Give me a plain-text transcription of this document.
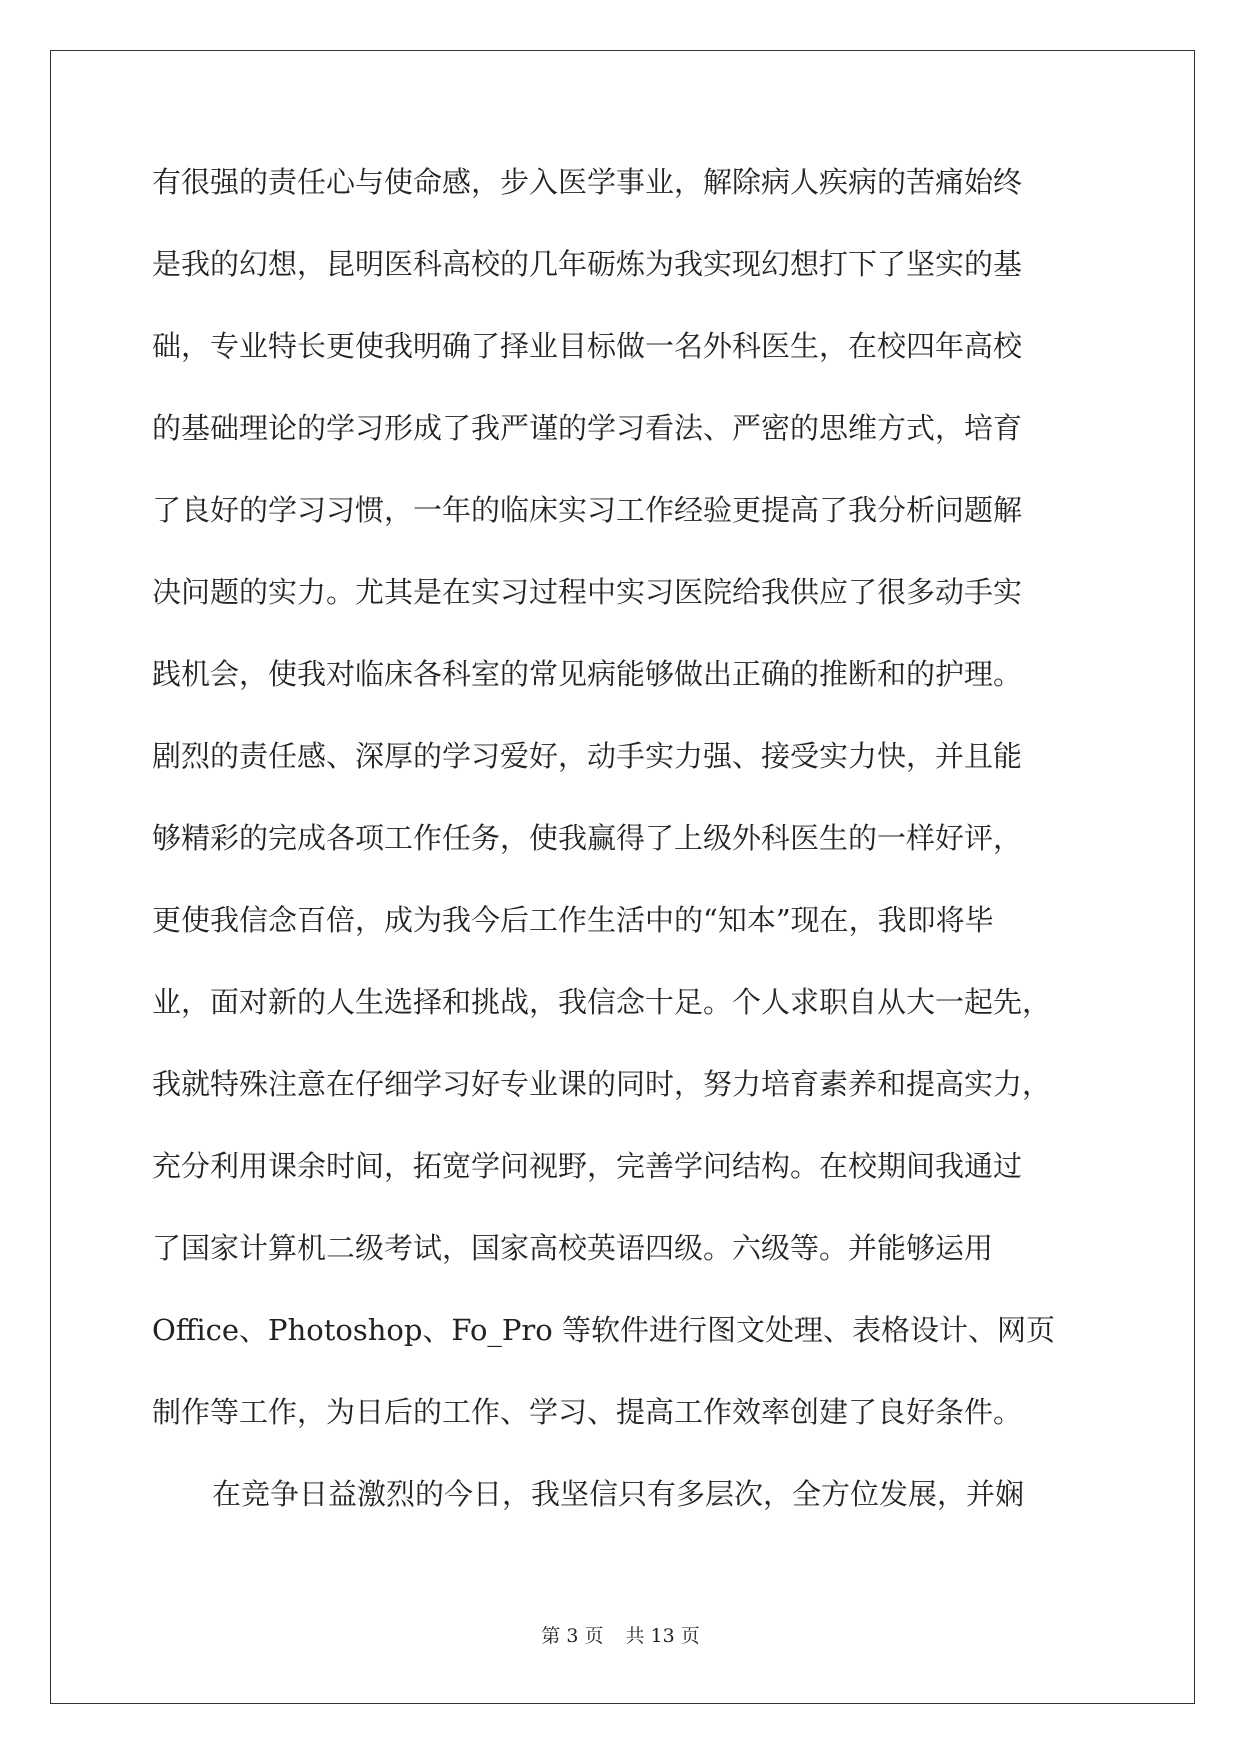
有很强的责任心与使命感，步入医学事业，解除病人疾病的苦痛始终
是我的幻想，昆明医科高校的几年砺炼为我实现幻想打下了坚实的基
础，专业特长更使我明确了择业目标做一名外科医生，在校四年高校
的基础理论的学习形成了我严谨的学习看法、严密的思维方式，培育
了良好的学习习惯，一年的临床实习工作经验更提高了我分析问题解
决问题的实力。尤其是在实习过程中实习医院给我供应了很多动手实
践机会，使我对临床各科室的常见病能够做出正确的推断和的护理。
剧烈的责任感、深厚的学习爱好，动手实力强、接受实力快，并且能
够精彩的完成各项工作任务，使我赢得了上级外科医生的一样好评，
更使我信念百倍，成为我今后工作生活中的“知本”现在，我即将毕
业，面对新的人生选择和挑战，我信念十足。个人求职自从大一起先，
我就特殊注意在仔细学习好专业课的同时，努力培育素养和提高实力，
充分利用课余时间，拓宽学问视野，完善学问结构。在校期间我通过
了国家计算机二级考试，国家高校英语四级。六级等。并能够运用
Office、Photoshop、Fo_Pro 等软件进行图文处理、表格设计、网页
制作等工作，为日后的工作、学习、提高工作效率创建了良好条件。
在竞争日益激烈的今日，我坚信只有多层次，全方位发展，并娴
第 3 页 共 13 页
